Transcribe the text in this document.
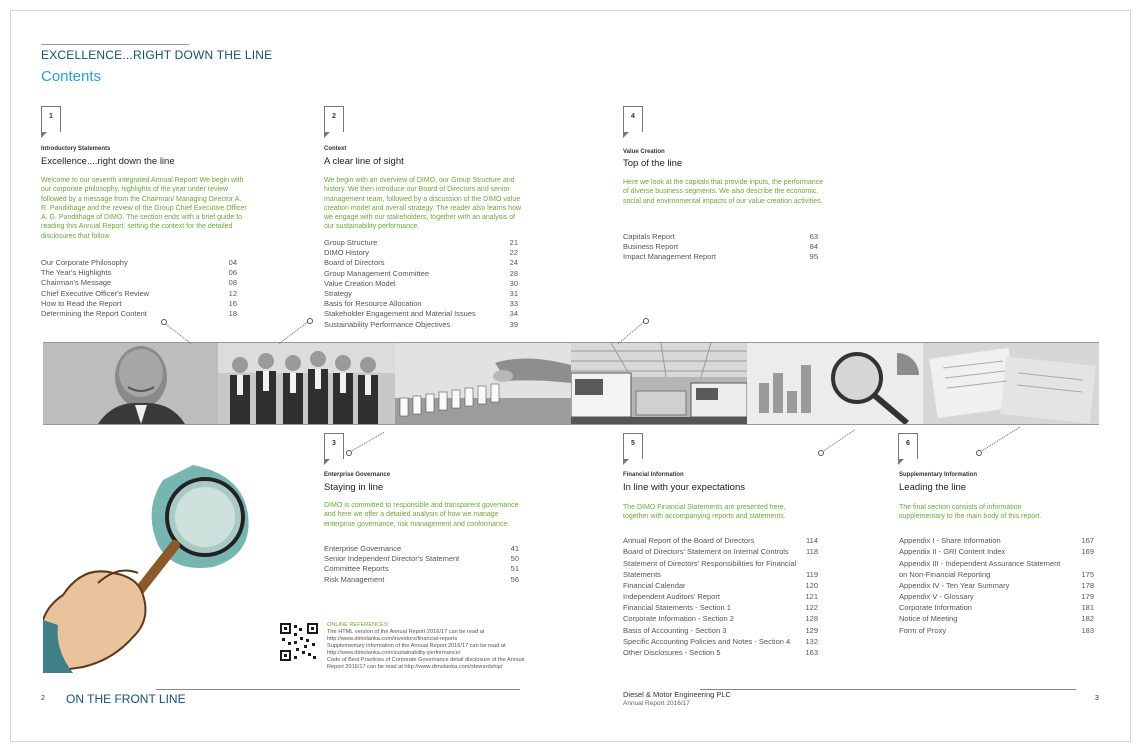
EXCELLENCE...RIGHT DOWN THE LINE
Contents
1
Introductory Statements
Excellence....right down the line
Welcome to our seventh integrated Annual Report! We begin with our corporate philosophy, highlights of the year under review followed by a message from the Chairman/ Managing Director A. R. Pandithage and the review of the Group Chief Executive Officer A. G. Pandithage of DIMO. The section ends with a brief guide to reading this Annual Report, setting the context for the detailed disclosures that follow.
Our Corporate Philosophy	04
The Year's Highlights	06
Chairman's Message	08
Chief Executive Officer's Review	12
How to Read the Report	16
Determining the Report Content	18
2
Context
A clear line of sight
We begin with an overview of DIMO, our Group Structure and history. We then introduce our Board of Directors and senior management team, followed by a discussion of the DIMO value creation model and overall strategy. The reader also learns how we engage with our stakeholders, together with an analysis of our sustainability performance.
Group Structure	21
DIMO History	22
Board of Directors	24
Group Management Committee	28
Value Creation Model	30
Strategy	31
Basis for Resource Allocation	33
Stakeholder Engagement and Material Issues	34
Sustainability Performance Objectives	39
4
Value Creation
Top of the line
Here we look at the capitals that provide inputs, the performance of diverse business segments. We also describe the economic, social and environmental impacts of our value creation activities.
Capitals Report	63
Business Report	84
Impact Management Report	95
3
Enterprise Governance
Staying in line
DIMO is committed to responsible and transparent governance and here we offer a detailed analysis of how we manage enterprise governance, risk management and conformance.
Enterprise Governance	41
Senior Independent Director's Statement	50
Committee Reports	51
Risk Management	56
5
Financial Information
In line with your expectations
The DIMO Financial Statements are presented here, together with accompanying reports and statements.
Annual Report of the Board of Directors	114
Board of Directors' Statement on Internal Controls	118
Statement of Directors' Responsibilities for Financial
Statements	119
Financial Calendar	120
Independent Auditors' Report	121
Financial Statements - Section 1	122
Corporate Information - Section 2	128
Basis of Accounting - Section 3	129
Specific Accounting Policies and Notes - Section 4	132
Other Disclosures - Section 5	163
6
Supplementary Information
Leading the line
The final section consists of information supplementary to the main body of this report.
Appendix I - Share Information	167
Appendix II - GRI Content Index	169
Appendix III - Independent Assurance Statement
on Non-Financial Reporting	175
Appendix IV - Ten Year Summary	178
Appendix V - Glossary	179
Corporate Information	181
Notice of Meeting	182
Form of Proxy	183
ONLINE REFERENCES:
The HTML version of the Annual Report 2016/17 can be read at
http://www.dimolanka.com/investors/financial-reports
Supplementary information of the Annual Report 2016/17 can be read at
http://www.dimolanka.com/sustainability-performance/
Code of Best Practices of Corporate Governance detail disclosure of the Annual
Report 2016/17 can be read at http://www.dimolanka.com/stewardship/
2 ON THE FRONT LINE	Diesel & Motor Engineering PLC
Annual Report 2016/17
3
